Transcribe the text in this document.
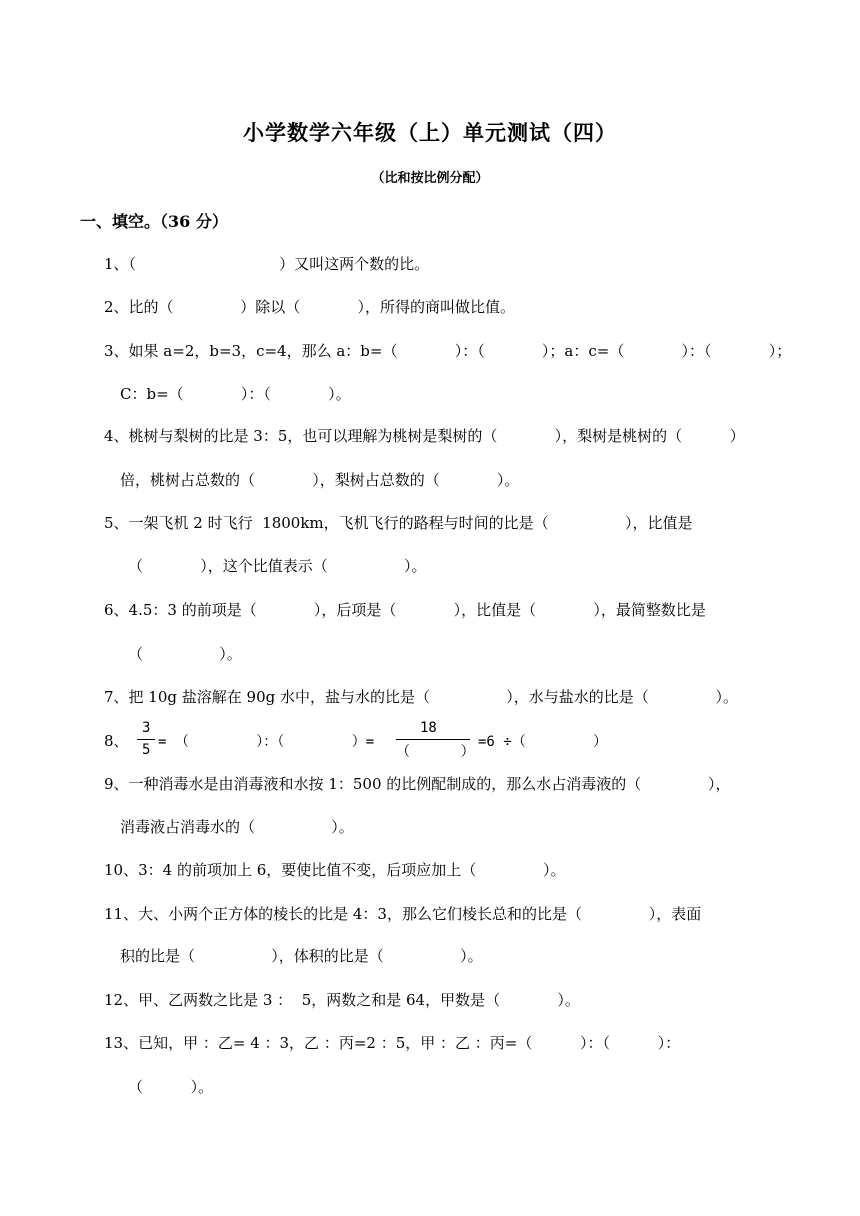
小学数学六年级（上）单元测试（四）
（比和按比例分配）
一、填空。（36 分）
1、（                              ）又叫这两个数的比。
2、比的（              ）除以（            ），所得的商叫做比值。
3、如果 a=2，b=3，c=4，那么 a：b=（            ）：（            ）；a：c=（            ）：（            ）；
C：b=（            ）：（            ）。
4、桃树与梨树的比是 3：5，也可以理解为桃树是梨树的（            ），梨树是桃树的（          ）
倍，桃树占总数的（            ），梨树占总数的（            ）。
5、一架飞机 2 时飞行  1800km，飞机飞行的路程与时间的比是（                ），比值是
（            ），这个比值表示（                ）。
6、4.5：3 的前项是（            ），后项是（            ），比值是（            ），最简整数比是
（                ）。
7、把 10g 盐溶解在 90g 水中，盐与水的比是（                ），水与盐水的比是（              ）。
8、
3
5 = （        ）：（        ）=
18
（      ）
=6 ÷（        ）
9、一种消毒水是由消毒液和水按 1：500 的比例配制成的，那么水占消毒液的（              ），
消毒液占消毒水的（                ）。
10、3：4 的前项加上 6，要使比值不变，后项应加上（              ）。
11、大、小两个正方体的棱长的比是 4：3，那么它们棱长总和的比是（              ），表面
积的比是（                ），体积的比是（                ）。
12、甲、乙两数之比是 3 ：  5，两数之和是 64，甲数是（            ）。
13、已知，甲 ：乙= 4 ：3，乙 ：丙=2 ：5，甲 ：乙 ：丙=（          ）：（          ）：
（          ）。
